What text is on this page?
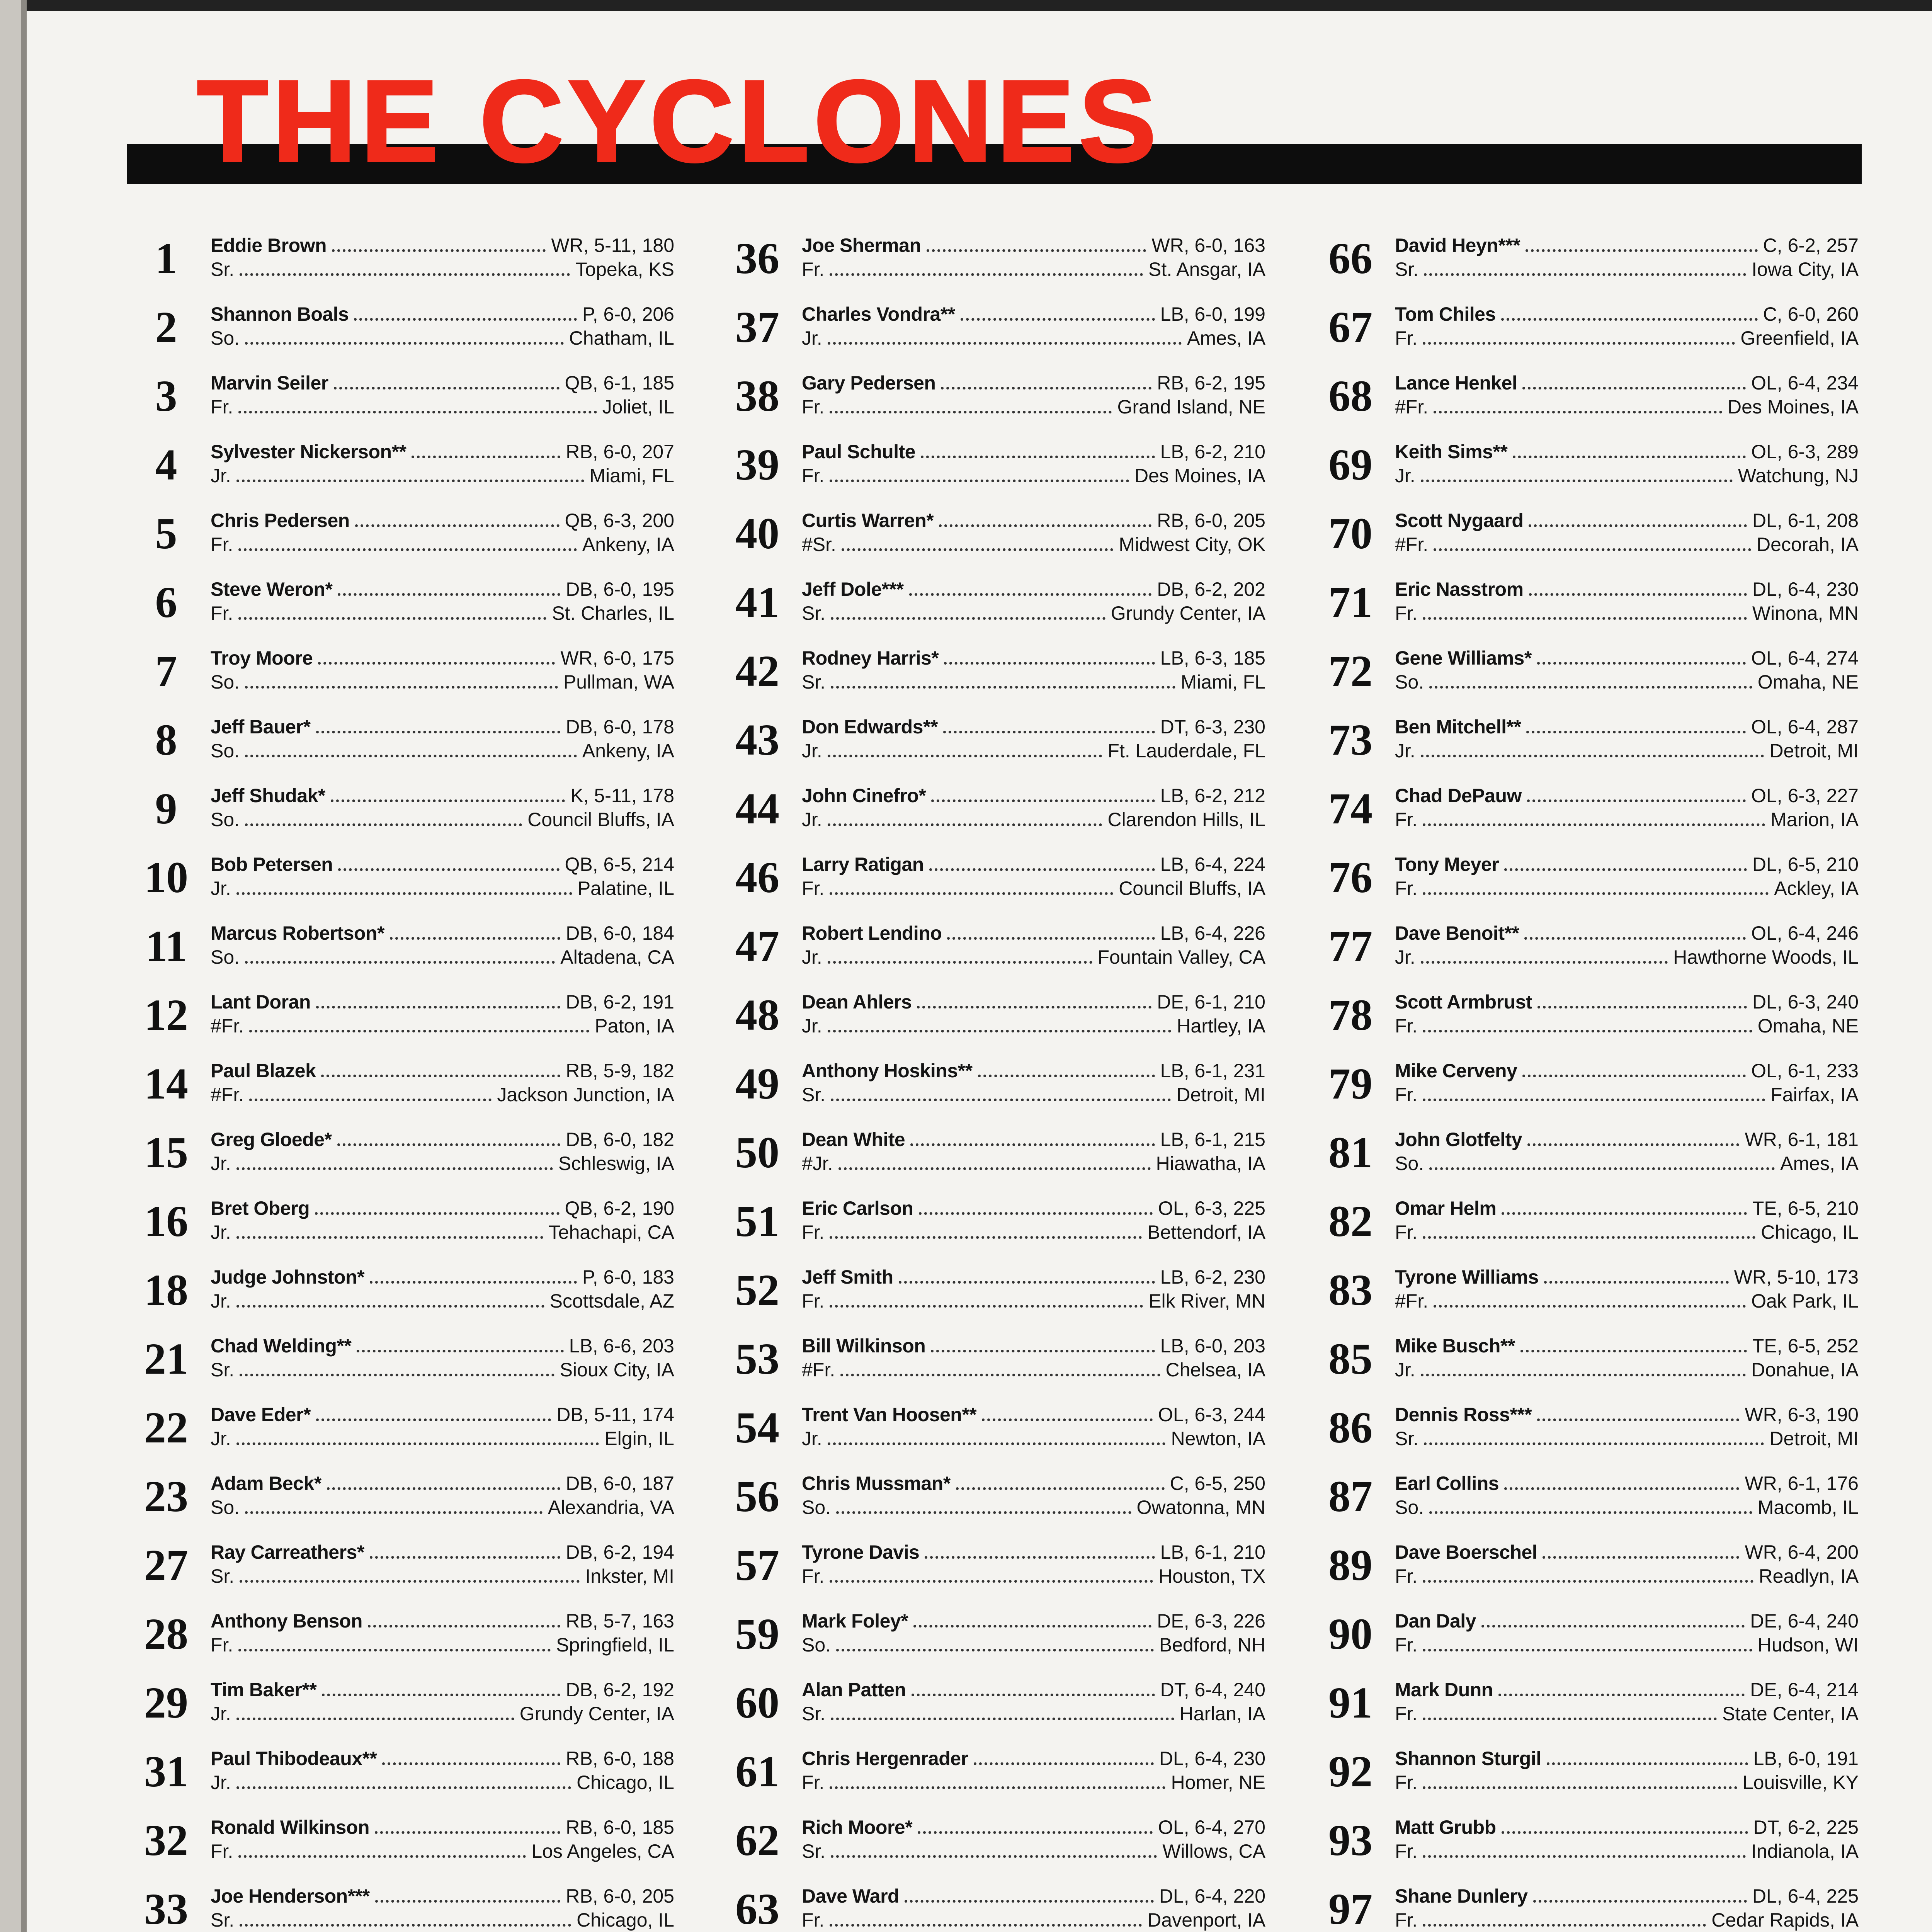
THE CYCLONES
1	Eddie Brown	WR, 5-11, 180
Sr.	Topeka, KS
2	Shannon Boals	P, 6-0, 206
So.	Chatham, IL
3	Marvin Seiler	QB, 6-1, 185
Fr.	Joliet, IL
4	Sylvester Nickerson**	RB, 6-0, 207
Jr.	Miami, FL
5	Chris Pedersen	QB, 6-3, 200
Fr.	Ankeny, IA
6	Steve Weron*	DB, 6-0, 195
Fr.	St. Charles, IL
7	Troy Moore	WR, 6-0, 175
So.	Pullman, WA
8	Jeff Bauer*	DB, 6-0, 178
So.	Ankeny, IA
9	Jeff Shudak*	K, 5-11, 178
So.	Council Bluffs, IA
10	Bob Petersen	QB, 6-5, 214
Jr.	Palatine, IL
11	Marcus Robertson*	DB, 6-0, 184
So.	Altadena, CA
12	Lant Doran	DB, 6-2, 191
#Fr.	Paton, IA
14	Paul Blazek	RB, 5-9, 182
#Fr.	Jackson Junction, IA
15	Greg Gloede*	DB, 6-0, 182
Jr.	Schleswig, IA
16	Bret Oberg	QB, 6-2, 190
Jr.	Tehachapi, CA
18	Judge Johnston*	P, 6-0, 183
Jr.	Scottsdale, AZ
21	Chad Welding**	LB, 6-6, 203
Sr.	Sioux City, IA
22	Dave Eder*	DB, 5-11, 174
Jr.	Elgin, IL
23	Adam Beck*	DB, 6-0, 187
So.	Alexandria, VA
27	Ray Carreathers*	DB, 6-2, 194
Sr.	Inkster, MI
28	Anthony Benson	RB, 5-7, 163
Fr.	Springfield, IL
29	Tim Baker**	DB, 6-2, 192
Jr.	Grundy Center, IA
31	Paul Thibodeaux**	RB, 6-0, 188
Jr.	Chicago, IL
32	Ronald Wilkinson	RB, 6-0, 185
Fr.	Los Angeles, CA
33	Joe Henderson***	RB, 6-0, 205
Sr.	Chicago, IL
36	Joe Sherman	WR, 6-0, 163
Fr.	St. Ansgar, IA
37	Charles Vondra**	LB, 6-0, 199
Jr.	Ames, IA
38	Gary Pedersen	RB, 6-2, 195
Fr.	Grand Island, NE
39	Paul Schulte	LB, 6-2, 210
Fr.	Des Moines, IA
40	Curtis Warren*	RB, 6-0, 205
#Sr.	Midwest City, OK
41	Jeff Dole***	DB, 6-2, 202
Sr.	Grundy Center, IA
42	Rodney Harris*	LB, 6-3, 185
Sr.	Miami, FL
43	Don Edwards**	DT, 6-3, 230
Jr.	Ft. Lauderdale, FL
44	John Cinefro*	LB, 6-2, 212
Jr.	Clarendon Hills, IL
46	Larry Ratigan	LB, 6-4, 224
Fr.	Council Bluffs, IA
47	Robert Lendino	LB, 6-4, 226
Jr.	Fountain Valley, CA
48	Dean Ahlers	DE, 6-1, 210
Jr.	Hartley, IA
49	Anthony Hoskins**	LB, 6-1, 231
Sr.	Detroit, MI
50	Dean White	LB, 6-1, 215
#Jr.	Hiawatha, IA
51	Eric Carlson	OL, 6-3, 225
Fr.	Bettendorf, IA
52	Jeff Smith	LB, 6-2, 230
Fr.	Elk River, MN
53	Bill Wilkinson	LB, 6-0, 203
#Fr.	Chelsea, IA
54	Trent Van Hoosen**	OL, 6-3, 244
Jr.	Newton, IA
56	Chris Mussman*	C, 6-5, 250
So.	Owatonna, MN
57	Tyrone Davis	LB, 6-1, 210
Fr.	Houston, TX
59	Mark Foley*	DE, 6-3, 226
So.	Bedford, NH
60	Alan Patten	DT, 6-4, 240
Sr.	Harlan, IA
61	Chris Hergenrader	DL, 6-4, 230
Fr.	Homer, NE
62	Rich Moore*	OL, 6-4, 270
Sr.	Willows, CA
63	Dave Ward	DL, 6-4, 220
Fr.	Davenport, IA
66	David Heyn***	C, 6-2, 257
Sr.	Iowa City, IA
67	Tom Chiles	C, 6-0, 260
Fr.	Greenfield, IA
68	Lance Henkel	OL, 6-4, 234
#Fr.	Des Moines, IA
69	Keith Sims**	OL, 6-3, 289
Jr.	Watchung, NJ
70	Scott Nygaard	DL, 6-1, 208
#Fr.	Decorah, IA
71	Eric Nasstrom	DL, 6-4, 230
Fr.	Winona, MN
72	Gene Williams*	OL, 6-4, 274
So.	Omaha, NE
73	Ben Mitchell**	OL, 6-4, 287
Jr.	Detroit, MI
74	Chad DePauw	OL, 6-3, 227
Fr.	Marion, IA
76	Tony Meyer	DL, 6-5, 210
Fr.	Ackley, IA
77	Dave Benoit**	OL, 6-4, 246
Jr.	Hawthorne Woods, IL
78	Scott Armbrust	DL, 6-3, 240
Fr.	Omaha, NE
79	Mike Cerveny	OL, 6-1, 233
Fr.	Fairfax, IA
81	John Glotfelty	WR, 6-1, 181
So.	Ames, IA
82	Omar Helm	TE, 6-5, 210
Fr.	Chicago, IL
83	Tyrone Williams	WR, 5-10, 173
#Fr.	Oak Park, IL
85	Mike Busch**	TE, 6-5, 252
Jr.	Donahue, IA
86	Dennis Ross***	WR, 6-3, 190
Sr.	Detroit, MI
87	Earl Collins	WR, 6-1, 176
So.	Macomb, IL
89	Dave Boerschel	WR, 6-4, 200
Fr.	Readlyn, IA
90	Dan Daly	DE, 6-4, 240
Fr.	Hudson, WI
91	Mark Dunn	DE, 6-4, 214
Fr.	State Center, IA
92	Shannon Sturgil	LB, 6-0, 191
Fr.	Louisville, KY
93	Matt Grubb	DT, 6-2, 225
Fr.	Indianola, IA
97	Shane Dunlery	DL, 6-4, 225
Fr.	Cedar Rapids, IA
